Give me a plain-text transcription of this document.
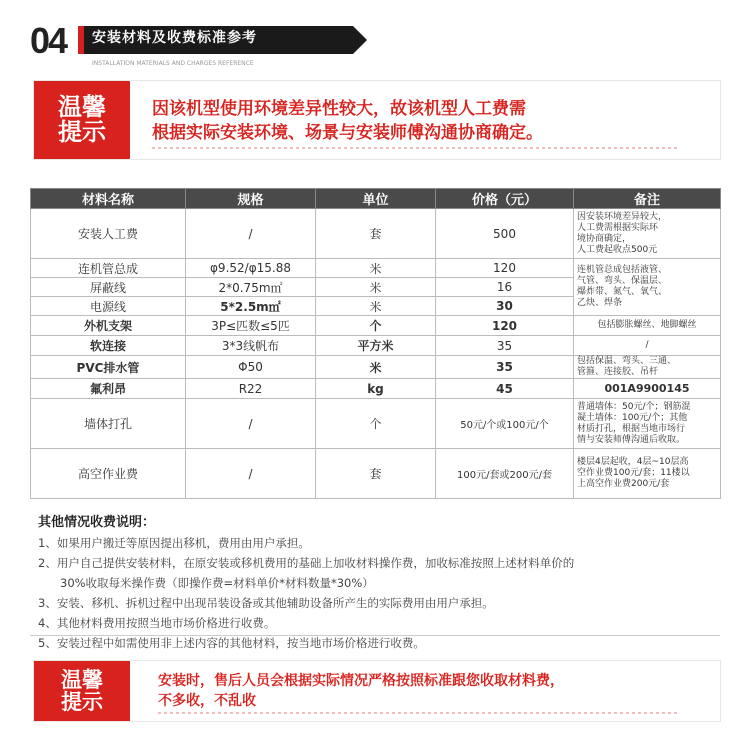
04 安装材料及收费标准参考
INSTALLATION MATERIALS AND CHARGES REFERENCE
温馨
提示
因该机型使用环境差异性较大，故该机型人工费需
根据实际安装环境、场景与安装师傅沟通协商确定。
材料名称	规格	单位	价格（元）	备注
安装人工费	/	套	500	因安装环境差异较大，
人工费需根据实际环
境协商确定，
人工费起收点500元

连机管总成	φ9.52/φ15.88	米	120	连机管总成包括液管、
气管、弯头、保温层、
爆炸带、氮气、氧气、
乙炔、焊条

屏蔽线	2*0.75m㎡	米	16	
电源线	5*2.5m㎡	米	30	
外机支架	3P≤匹数≤5匹	个	120	包括膨胀螺丝、地脚螺丝
软连接	3*3线帆布	平方米	35	/
PVC排水管	Φ50	米	35	包括保温、弯头、三通、
管箍、连接胶、吊杆

氟利昂	R22	kg	45	001A9900145
墙体打孔	/	个	50元/个或100元/个	普通墙体：50元/个；钢筋混
凝土墙体：100元/个；其他
材质打孔，根据当地市场行
情与安装师傅沟通后收取。

高空作业费	/	套	100元/套或200元/套	楼层4层起收，4层~10层高
空作业费100元/套；11楼以
上高空作业费200元/套
其他情况收费说明：
1、如果用户搬迁等原因提出移机，费用由用户承担。
2、用户自己提供安装材料，在原安装或移机费用的基础上加收材料操作费，加收标准按照上述材料单价的
30%收取每米操作费（即操作费=材料单价*材料数量*30%）
3、安装、移机、拆机过程中出现吊装设备或其他辅助设备所产生的实际费用由用户承担。
4、其他材料费用按照当地市场价格进行收费。
5、安装过程中如需使用非上述内容的其他材料，按当地市场价格进行收费。
温馨
提示
安装时，售后人员会根据实际情况严格按照标准跟您收取材料费，
不多收，不乱收
